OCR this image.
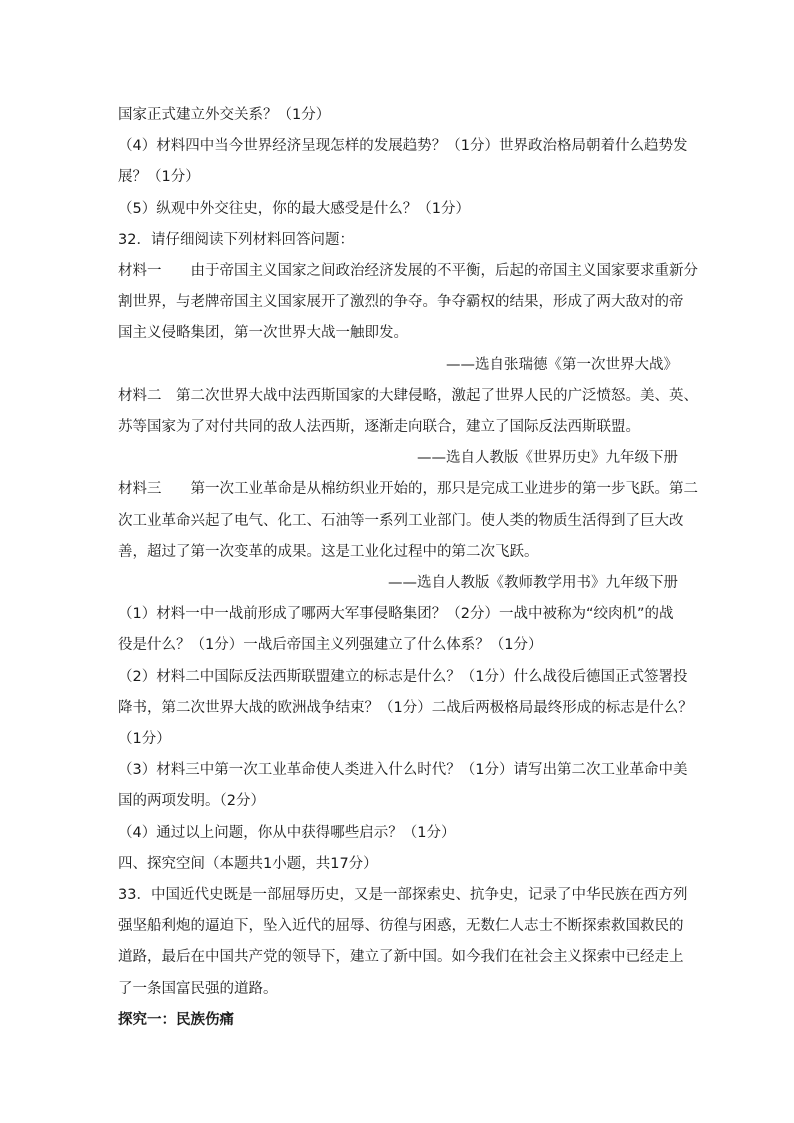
国家正式建立外交关系？（1分）

（4）材料四中当今世界经济呈现怎样的发展趋势？（1分）世界政治格局朝着什么趋势发

展？（1分）

（5）纵观中外交往史，你的最大感受是什么？（1分）

32．请仔细阅读下列材料回答问题：

材料一　　由于帝国主义国家之间政治经济发展的不平衡，后起的帝国主义国家要求重新分

割世界，与老牌帝国主义国家展开了激烈的争夺。争夺霸权的结果，形成了两大敌对的帝

国主义侵略集团，第一次世界大战一触即发。

——选自张瑞德《第一次世界大战》

材料二　第二次世界大战中法西斯国家的大肆侵略，激起了世界人民的广泛愤怒。美、英、

苏等国家为了对付共同的敌人法西斯，逐渐走向联合，建立了国际反法西斯联盟。

——选自人教版《世界历史》九年级下册

材料三　　第一次工业革命是从棉纺织业开始的，那只是完成工业进步的第一步飞跃。第二

次工业革命兴起了电气、化工、石油等一系列工业部门。使人类的物质生活得到了巨大改

善，超过了第一次变革的成果。这是工业化过程中的第二次飞跃。

——选自人教版《教师教学用书》九年级下册

（1）材料一中一战前形成了哪两大军事侵略集团？（2分）一战中被称为“绞肉机”的战

役是什么？（1分）一战后帝国主义列强建立了什么体系？（1分）

（2）材料二中国际反法西斯联盟建立的标志是什么？（1分）什么战役后德国正式签署投

降书，第二次世界大战的欧洲战争结束？（1分）二战后两极格局最终形成的标志是什么？

（1分）

（3）材料三中第一次工业革命使人类进入什么时代？（1分）请写出第二次工业革命中美

国的两项发明。（2分）

（4）通过以上问题，你从中获得哪些启示？（1分）

四、探究空间（本题共1小题，共17分）

33．中国近代史既是一部屈辱历史，又是一部探索史、抗争史，记录了中华民族在西方列

强坚船利炮的逼迫下，坠入近代的屈辱、彷徨与困惑，无数仁人志士不断探索救国救民的

道路，最后在中国共产党的领导下，建立了新中国。如今我们在社会主义探索中已经走上

了一条国富民强的道路。

探究一：民族伤痛
